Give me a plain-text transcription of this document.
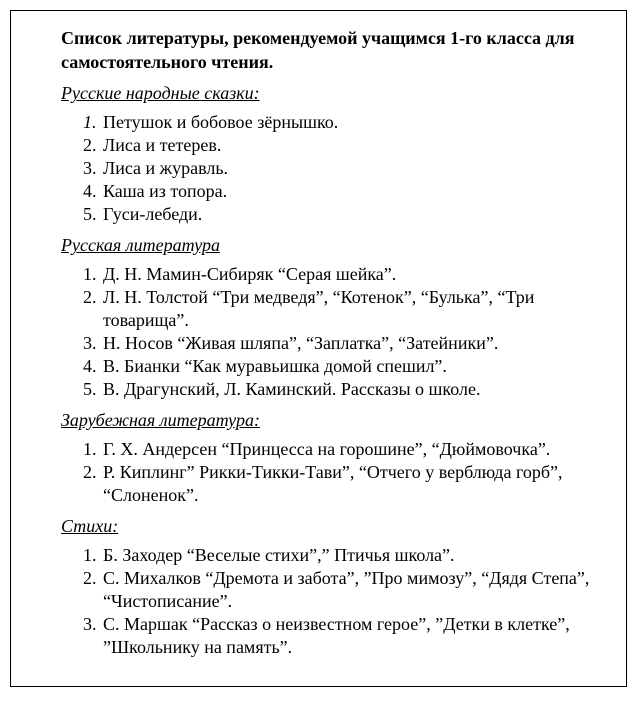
Список литературы, рекомендуемой учащимся 1-го класса для самостоятельного чтения.
Русские народные сказки:
1. Петушок и бобовое зёрнышко.
2. Лиса и тетерев.
3. Лиса и журавль.
4. Каша из топора.
5. Гуси-лебеди.
Русская литература
1. Д. Н. Мамин-Сибиряк “Серая шейка”.
2. Л. Н. Толстой “Три медведя”, “Котенок”, “Булька”, “Три товарища”.
3. Н. Носов “Живая шляпа”, “Заплатка”, “Затейники”.
4. В. Бианки “Как муравьишка домой спешил”.
5. В. Драгунский, Л. Каминский. Рассказы о школе.
Зарубежная литература:
1. Г. Х. Андерсен “Принцесса на горошине”, “Дюймовочка”.
2. Р. Киплинг” Рикки-Тикки-Тави”, “Отчего у верблюда горб”, “Слоненок”.
Стихи:
1. Б. Заходер “Веселые стихи”,” Птичья школа”.
2. С. Михалков “Дремота и забота”, ”Про мимозу”, “Дядя Степа”, “Чистописание”.
3. С. Маршак “Рассказ о неизвестном герое”, ”Детки в клетке”, ”Школьнику на память”.
